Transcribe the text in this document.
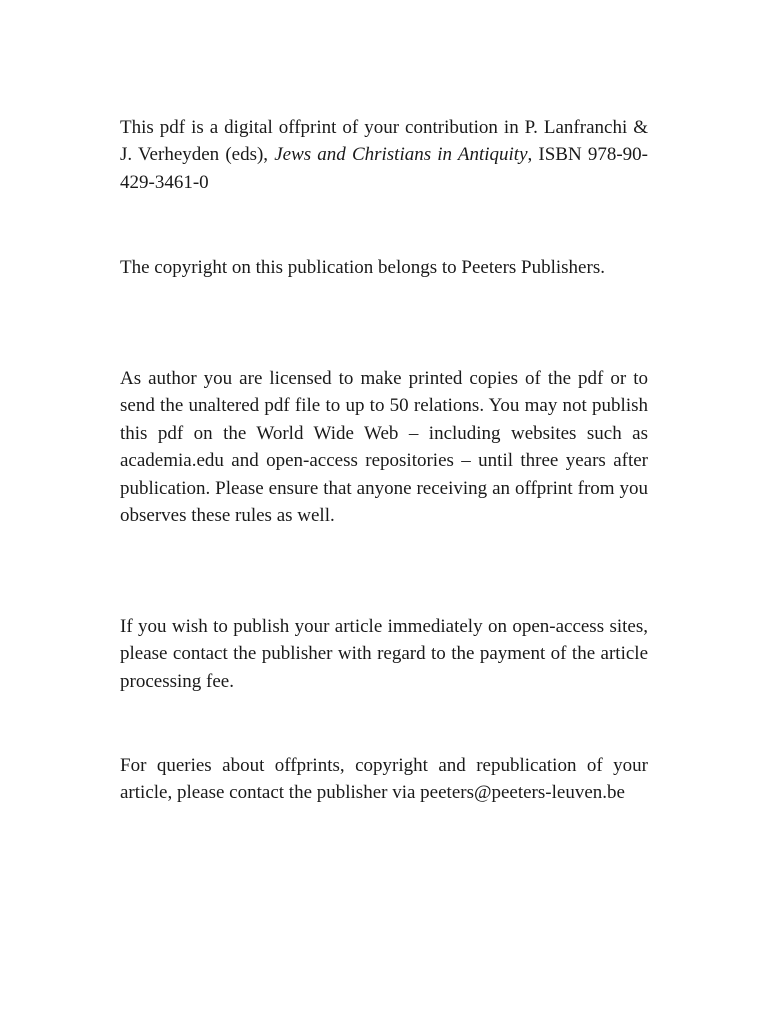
This pdf is a digital offprint of your contribution in P. Lanfranchi & J. Verheyden (eds), Jews and Christians in Antiquity, ISBN 978-90-429-3461-0

The copyright on this publication belongs to Peeters Publishers.

As author you are licensed to make printed copies of the pdf or to send the unaltered pdf file to up to 50 relations. You may not publish this pdf on the World Wide Web – including websites such as academia.edu and open-access repositories – until three years after publication. Please ensure that anyone receiving an offprint from you observes these rules as well.

If you wish to publish your article immediately on open-access sites, please contact the publisher with regard to the payment of the article processing fee.

For queries about offprints, copyright and republication of your article, please contact the publisher via peeters@peeters-leuven.be
